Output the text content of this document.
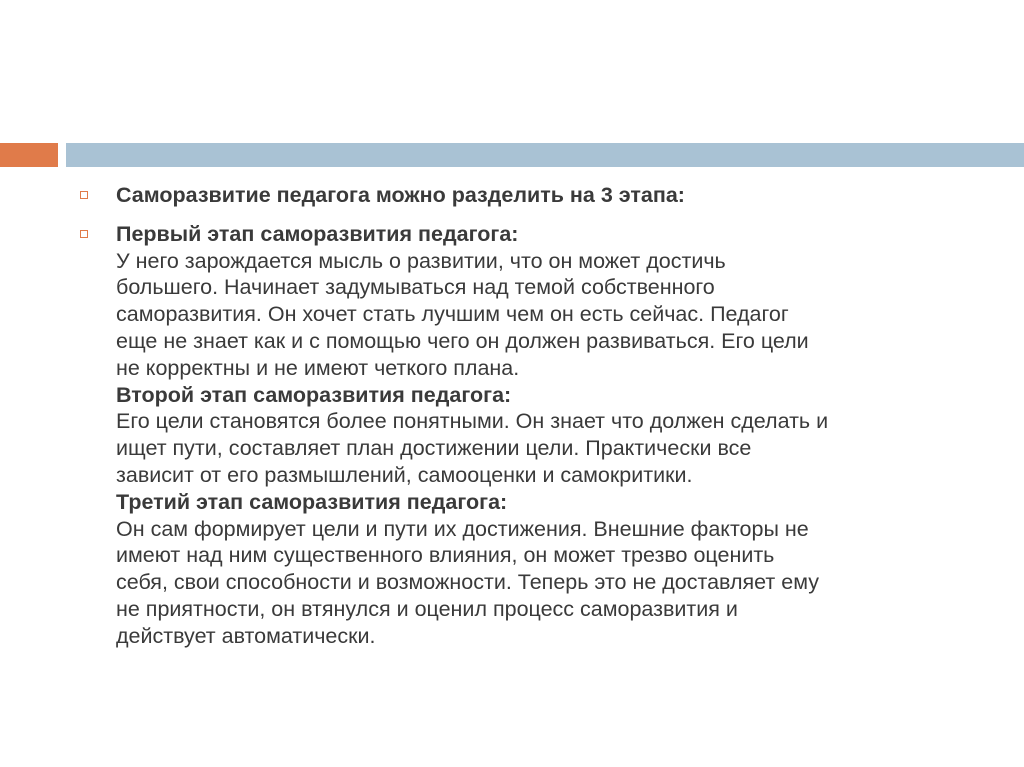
Саморазвитие педагога можно разделить на 3 этапа:
Первый этап саморазвития педагога:
У него зарождается мысль о развитии, что он может достичь
большего. Начинает задумываться над темой собственного
саморазвития. Он хочет стать лучшим чем он есть сейчас. Педагог
еще не знает как и с помощью чего он должен развиваться. Его цели
не корректны и не имеют четкого плана.
Второй этап саморазвития педагога:
Его цели становятся более понятными. Он знает что должен сделать и
ищет пути, составляет план достижении цели. Практически все
зависит от его размышлений, самооценки и самокритики.
Третий этап саморазвития педагога:
Он сам формирует цели и пути их достижения. Внешние факторы не
имеют над ним существенного влияния, он может трезво оценить
себя, свои способности и возможности. Теперь это не доставляет ему
не приятности, он втянулся и оценил процесс саморазвития и
действует автоматически.
